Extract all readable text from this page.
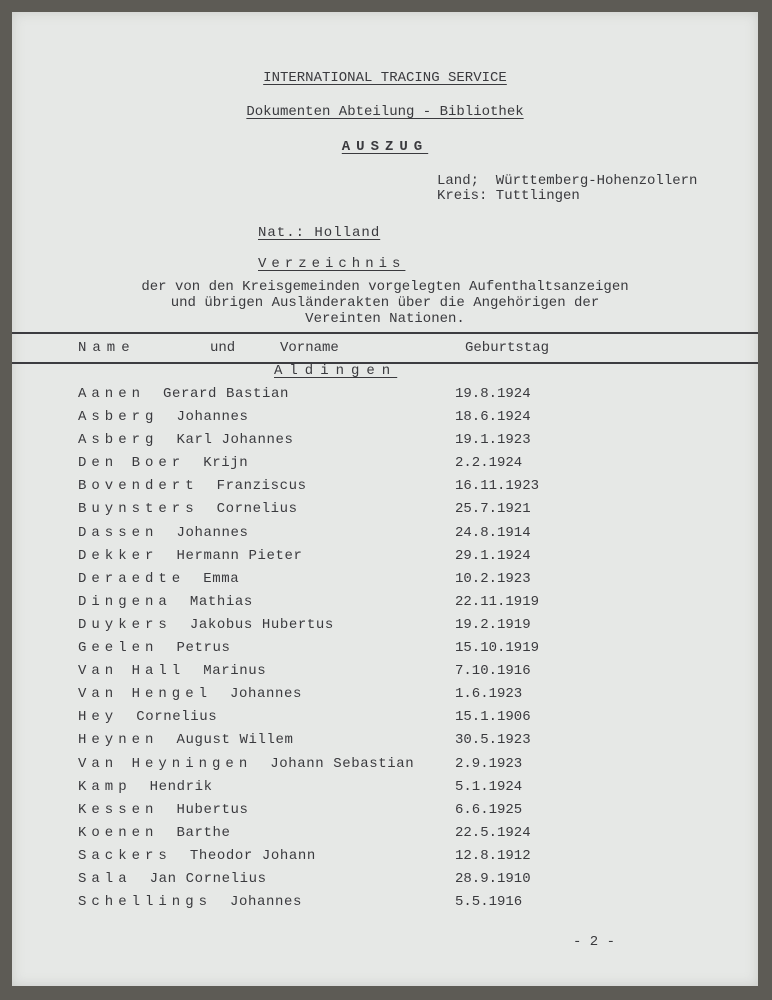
INTERNATIONAL TRACING SERVICE
Dokumenten Abteilung - Bibliothek
AUSZUG
Land;  Württemberg-Hohenzollern
Kreis: Tuttlingen
Nat.: Holland
Verzeichnis
der von den Kreisgemeinden vorgelegten Aufenthaltsanzeigen
und übrigen Ausländerakten über die Angehörigen der
Vereinten Nationen.
Name	und	Vorname	Geburtstag
Aldingen
Aanen Gerard Bastian	19.8.1924
Asberg Johannes	18.6.1924
Asberg Karl Johannes	19.1.1923
Den Boer Krijn	2.2.1924
Bovendert Franziscus	16.11.1923
Buynsters Cornelius	25.7.1921
Dassen Johannes	24.8.1914
Dekker Hermann Pieter	29.1.1924
Deraedte Emma	10.2.1923
Dingena Mathias	22.11.1919
Duykers Jakobus Hubertus	19.2.1919
Geelen Petrus	15.10.1919
Van Hall Marinus	7.10.1916
Van Hengel Johannes	1.6.1923
Hey Cornelius	15.1.1906
Heynen August Willem	30.5.1923
Van Heyningen Johann Sebastian	2.9.1923
Kamp Hendrik	5.1.1924
Kessen Hubertus	6.6.1925
Koenen Barthe	22.5.1924
Sackers Theodor Johann	12.8.1912
Sala Jan Cornelius	28.9.1910
Schellings Johannes	5.5.1916
- 2 -
